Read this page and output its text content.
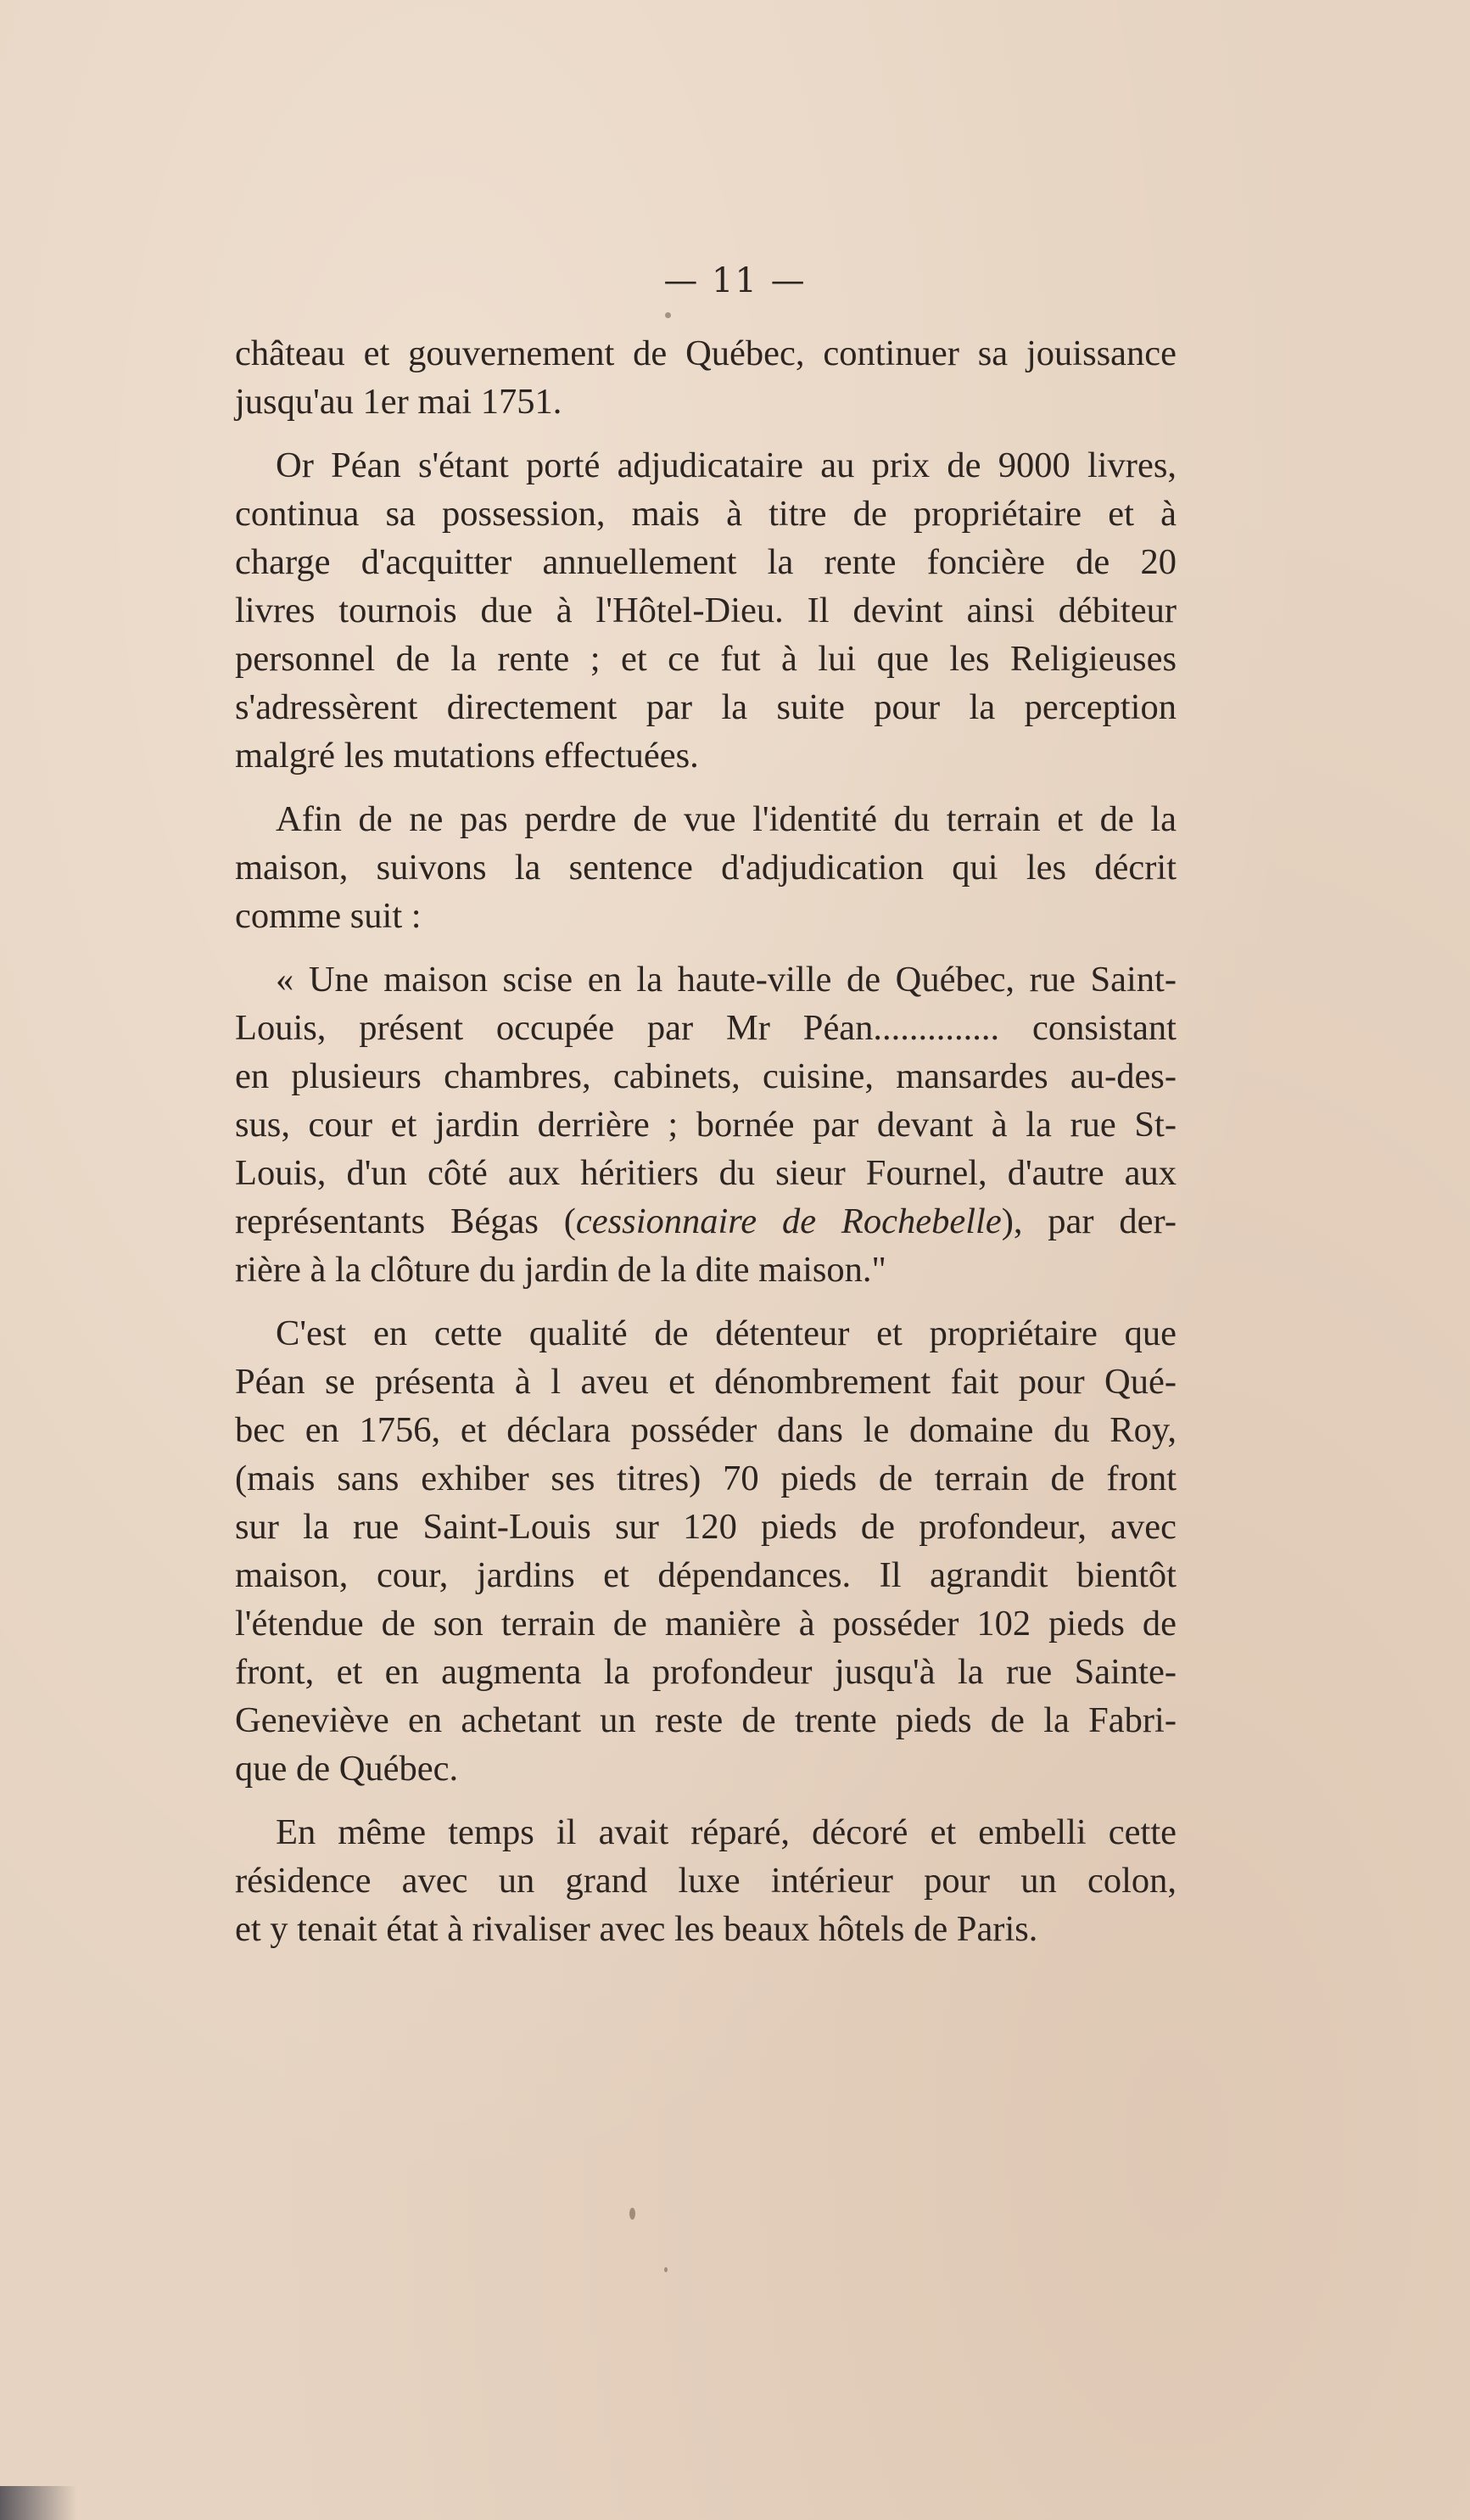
— 11 —

château et gouvernement de Québec, continuer sa jouissance
jusqu'au 1er mai 1751.

Or Péan s'étant porté adjudicataire au prix de 9000 livres,
continua sa possession, mais à titre de propriétaire et à
charge d'acquitter annuellement la rente foncière de 20
livres tournois due à l'Hôtel-Dieu. Il devint ainsi débiteur
personnel de la rente ; et ce fut à lui que les Religieuses
s'adressèrent directement par la suite pour la perception
malgré les mutations effectuées.

Afin de ne pas perdre de vue l'identité du terrain et de la
maison, suivons la sentence d'adjudication qui les décrit
comme suit :

« Une maison scise en la haute-ville de Québec, rue Saint-
Louis, présent occupée par Mr Péan.............. consistant
en plusieurs chambres, cabinets, cuisine, mansardes au-des-
sus, cour et jardin derrière ; bornée par devant à la rue St-
Louis, d'un côté aux héritiers du sieur Fournel, d'autre aux
représentants Bégas (cessionnaire de Rochebelle), par der-
rière à la clôture du jardin de la dite maison."

C'est en cette qualité de détenteur et propriétaire que
Péan se présenta à l aveu et dénombrement fait pour Qué-
bec en 1756, et déclara posséder dans le domaine du Roy,
(mais sans exhiber ses titres) 70 pieds de terrain de front
sur la rue Saint-Louis sur 120 pieds de profondeur, avec
maison, cour, jardins et dépendances. Il agrandit bientôt
l'étendue de son terrain de manière à posséder 102 pieds de
front, et en augmenta la profondeur jusqu'à la rue Sainte-
Geneviève en achetant un reste de trente pieds de la Fabri-
que de Québec.

En même temps il avait réparé, décoré et embelli cette
résidence avec un grand luxe intérieur pour un colon,
et y tenait état à rivaliser avec les beaux hôtels de Paris.
